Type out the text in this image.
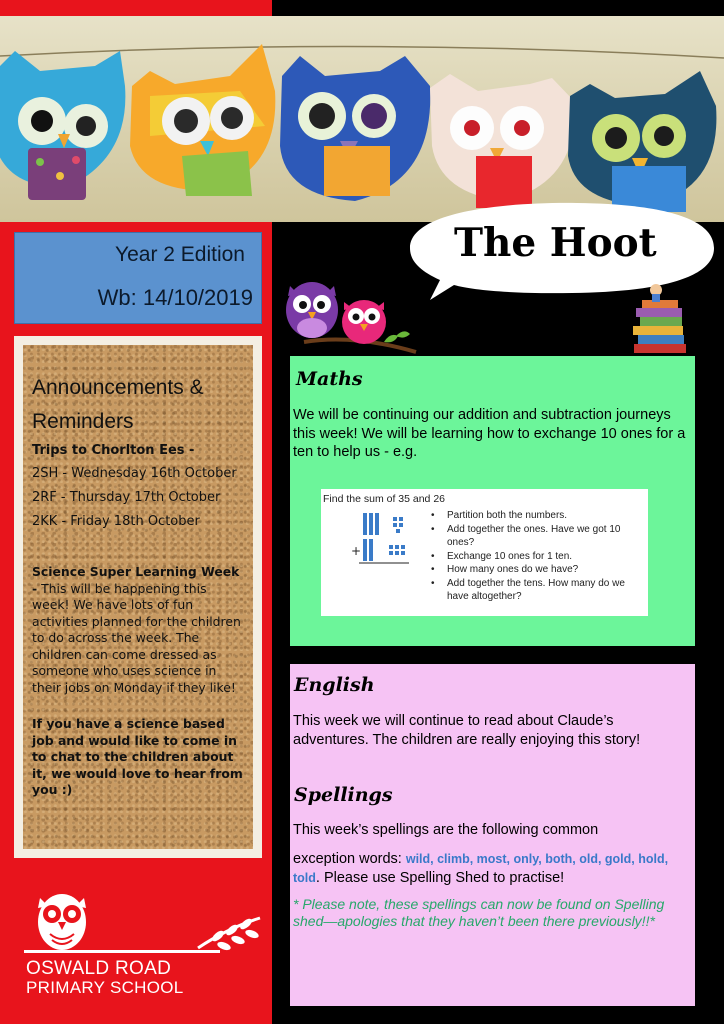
Year 2 Edition
Wb: 14/10/2019
The Hoot
Announcements & Reminders
Trips to Chorlton Ees -
2SH - Wednesday 16th October
2RF - Thursday 17th October
2KK - Friday 18th October
Science Super Learning Week - This will be happening this week! We have lots of fun activities planned for the children to do across the week. The children can come dressed as someone who uses science in their jobs on Monday if they like!
If you have a science based job and would like to come in to chat to the children about it, we would love to hear from you :)
OSWALD ROAD
PRIMARY SCHOOL
Maths
We will be continuing our addition and subtraction journeys this week! We will be learning how to exchange 10 ones for a ten to help us - e.g.
Find the sum of 35 and 26
+
• Partition both the numbers.
• Add together the ones. Have we got 10 ones?
• Exchange 10 ones for 1 ten.
• How many ones do we have?
• Add together the tens. How many do we have altogether?
English
This week we will continue to read about Claude’s adventures. The children are really enjoying this story!
Spellings
This week’s spellings are the following common
exception words: wild, climb, most, only, both, old, gold, hold, told. Please use Spelling Shed to practise!
* Please note, these spellings can now be found on Spelling shed—apologies that they haven’t been there previously!!*
